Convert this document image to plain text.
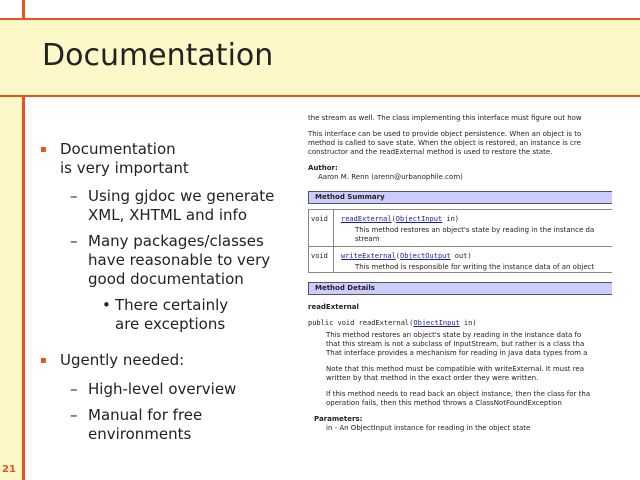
Documentation
21
▪ Documentation
is very important
– Using gjdoc we generate
XML, XHTML and info
– Many packages/classes
have reasonable to very
good documentation
• There certainly
are exceptions
▪ Ugently needed:
– High-level overview
– Manual for free
environments

the stream as well. The class implementing this interface must figure out how

This interface can be used to provide object persistence. When an object is to

method is called to save state. When the object is restored, an instance is cre

constructor and the readExternal method is used to restore the state.

Author:

Aaron M. Renn (arenn@urbanophile.com)

Method Summary
void readExternal(ObjectInput in)
This method restores an object's state by reading in the instance da
stream
void writeExternal(ObjectOutput out)
This method is responsible for writing the instance data of an object
Method Details

readExternal

public void readExternal(ObjectInput in)

This method restores an object's state by reading in the instance data fo

that this stream is not a subclass of InputStream, but rather is a class tha

That interface provides a mechanism for reading in Java data types from a

Note that this method must be compatible with writeExternal. It must rea

written by that method in the exact order they were written.

If this method needs to read back an object instance, then the class for tha

operation fails, then this method throws a ClassNotFoundException

Parameters:

in - An ObjectInput instance for reading in the object state
